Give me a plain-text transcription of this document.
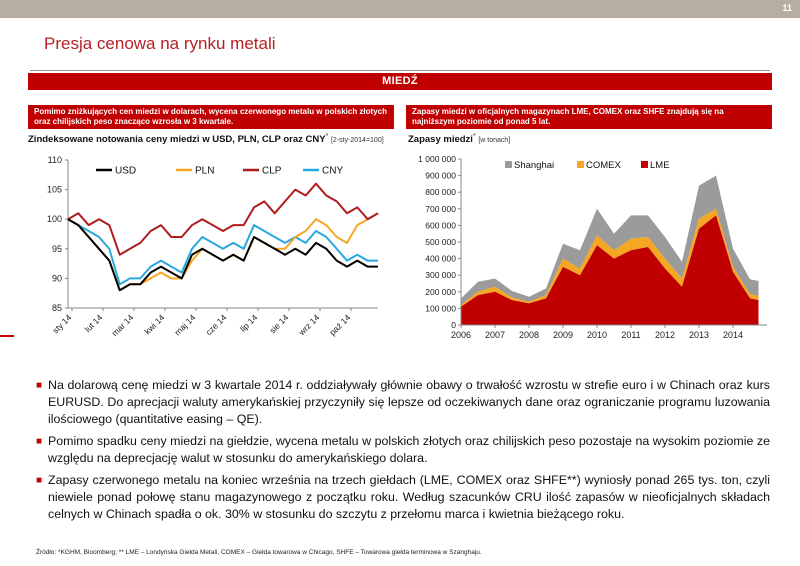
11
Presja cenowa na rynku metali
MIEDŹ
Pomimo zniżkujących cen miedzi w dolarach, wycena czerwonego metalu w polskich złotych oraz chilijskich peso znacząco wzrosła w 3 kwartale.
Zapasy miedzi w oficjalnych magazynach LME, COMEX oraz SHFE znajdują się na najniższym poziomie od ponad 5 lat.
Zindeksowane notowania ceny miedzi w USD, PLN, CLP oraz CNY* [2-sty-2014=100]	Zapasy miedzi* [w tonach]
85
90
95
100
105
110
sty 14 lut 14 mar 14 kwi 14 maj 14 cze 14 lip 14 sie 14 wrz 14 paź 14
USD	PLN	CLP	CNY
0
100 000
200 000
300 000
400 000
500 000
600 000
700 000
800 000
900 000
1 000 000
2006 2007 2008 2009 2010 2011 2012 2013 2014
Shanghai	COMEX	LME
■ Na dolarową cenę miedzi w 3 kwartale 2014 r. oddziaływały głównie obawy o trwałość wzrostu w strefie euro i w Chinach oraz kurs EURUSD. Do aprecjacji waluty amerykańskiej przyczyniły się lepsze od oczekiwanych dane oraz ograniczanie programu luzowania ilościowego (quantitative easing – QE).
■ Pomimo spadku ceny miedzi na giełdzie, wycena metalu w polskich złotych oraz chilijskich peso pozostaje na wysokim poziomie ze względu na deprecjację walut w stosunku do amerykańskiego dolara.
■ Zapasy czerwonego metalu na koniec września na trzech giełdach (LME, COMEX oraz SHFE**) wyniosły ponad 265 tys. ton, czyli niewiele ponad połowę stanu magazynowego z początku roku. Według szacunków CRU ilość zapasów w nieoficjalnych składach celnych w Chinach spadła o ok. 30% w stosunku do szczytu z przełomu marca i kwietnia bieżącego roku.
Źródło: *KGHM, Bloomberg; ** LME – Londyńska Giełda Metali, COMEX – Giełda towarowa w Chicago, SHFE – Towarowa giełda terminowa w Szanghaju.
